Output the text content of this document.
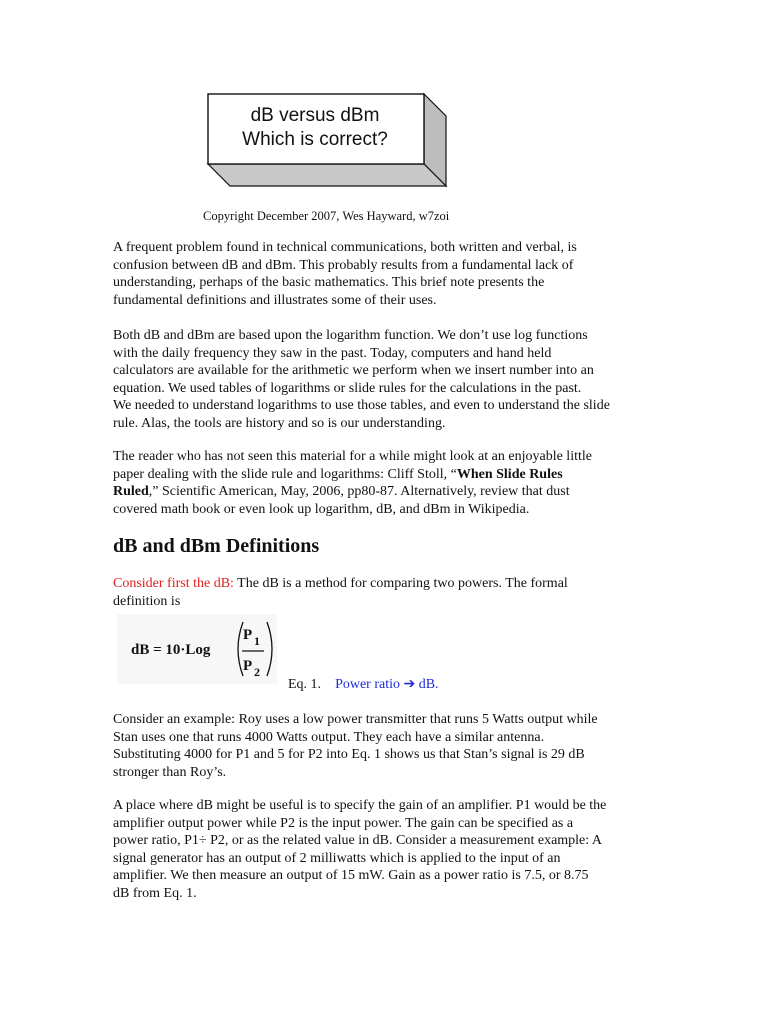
dB versus dBm
Which is correct?
Copyright December 2007, Wes Hayward, w7zoi
A frequent problem found in technical communications, both written and verbal, is
confusion between dB and dBm. This probably results from a fundamental lack of
understanding, perhaps of the basic mathematics. This brief note presents the
fundamental definitions and illustrates some of their uses.
Both dB and dBm are based upon the logarithm function. We don’t use log functions
with the daily frequency they saw in the past. Today, computers and hand held
calculators are available for the arithmetic we perform when we insert number into an
equation. We used tables of logarithms or slide rules for the calculations in the past.
We needed to understand logarithms to use those tables, and even to understand the slide
rule. Alas, the tools are history and so is our understanding.
The reader who has not seen this material for a while might look at an enjoyable little
paper dealing with the slide rule and logarithms: Cliff Stoll, “When Slide Rules
Ruled,” Scientific American, May, 2006, pp80-87. Alternatively, review that dust
covered math book or even look up logarithm, dB, and dBm in Wikipedia.
dB and dBm Definitions
Consider first the dB: The dB is a method for comparing two powers. The formal
definition is
dB = 10·Log
P 1
P 2
Eq. 1. Power ratio ➔ dB.
Consider an example: Roy uses a low power transmitter that runs 5 Watts output while
Stan uses one that runs 4000 Watts output. They each have a similar antenna.
Substituting 4000 for P1 and 5 for P2 into Eq. 1 shows us that Stan’s signal is 29 dB
stronger than Roy’s.
A place where dB might be useful is to specify the gain of an amplifier. P1 would be the
amplifier output power while P2 is the input power. The gain can be specified as a
power ratio, P1÷ P2, or as the related value in dB. Consider a measurement example: A
signal generator has an output of 2 milliwatts which is applied to the input of an
amplifier. We then measure an output of 15 mW. Gain as a power ratio is 7.5, or 8.75
dB from Eq. 1.
